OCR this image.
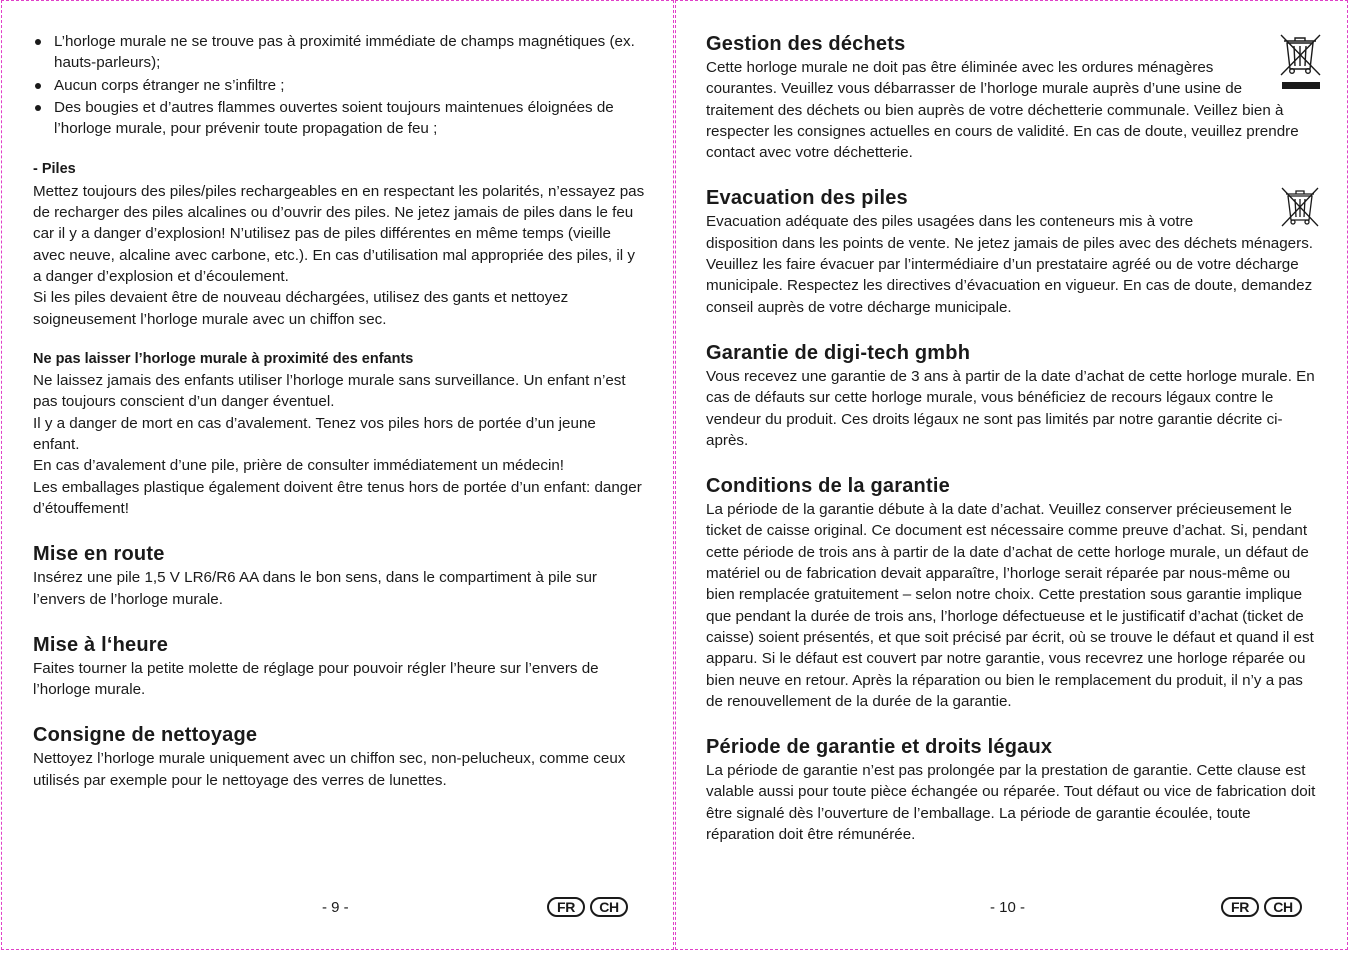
L’horloge murale ne se trouve pas à proximité immédiate de champs magnétiques (ex. hauts-parleurs);
Aucun corps étranger ne s’infiltre ;
Des bougies et d’autres flammes ouvertes soient toujours maintenues éloignées de l’horloge murale, pour prévenir toute propagation de feu ;

- Piles

Mettez toujours des piles/piles rechargeables en en respectant les polarités, n’essayez pas de recharger des piles alcalines ou d’ouvrir des piles. Ne jetez jamais de piles dans le feu car il y a danger d’explosion! N’utilisez pas de piles différentes en même temps (vieille avec neuve, alcaline avec carbone, etc.). En cas d’utilisation mal appropriée des piles, il y a danger d’explosion et d’écoulement.

Si les piles devaient être de nouveau déchargées, utilisez des gants et nettoyez soigneusement l’horloge murale avec un chiffon sec.

Ne pas laisser l’horloge murale à proximité des enfants

Ne laissez jamais des enfants utiliser l’horloge murale sans surveillance. Un enfant n’est pas toujours conscient d’un danger éventuel.

Il y a danger de mort en cas d’avalement. Tenez vos piles hors de portée d’un jeune enfant.

En cas d’avalement d’une pile, prière de consulter immédiatement un médecin!

Les emballages plastique également doivent être tenus hors de portée d’un enfant: danger d’étouffement!

Mise en route

Insérez une pile 1,5 V LR6/R6 AA dans le bon sens, dans le compartiment à pile sur l’envers de l’horloge murale.

Mise à l‘heure

Faites tourner la petite molette de réglage pour pouvoir régler l’heure sur l’envers de l’horloge murale.

Consigne de nettoyage

Nettoyez l’horloge murale uniquement avec un chiffon sec, non-pelucheux, comme ceux utilisés par exemple pour le nettoyage des verres de lunettes.

- 9 -	FR	CH
Gestion des déchets

Cette horloge murale ne doit pas être éliminée avec les ordures ménagères courantes. Veuillez vous débarrasser de l’horloge murale auprès d’une usine de traitement des déchets ou bien auprès de votre déchetterie communale. Veillez bien à respecter les consignes actuelles en cours de validité. En cas de doute, veuillez prendre contact avec votre déchetterie.

Evacuation des piles

Evacuation adéquate des piles usagées dans les conteneurs mis à votre disposition dans les points de vente. Ne jetez jamais de piles avec des déchets ménagers. Veuillez les faire évacuer par l’intermédiaire d’un prestataire agréé ou de votre décharge municipale. Respectez les directives d’évacuation en vigueur. En cas de doute, demandez conseil auprès de votre décharge municipale.

Garantie de digi-tech gmbh

Vous recevez une garantie de 3 ans à partir de la date d’achat de cette horloge murale. En cas de défauts sur cette horloge murale, vous bénéficiez de recours légaux contre le vendeur du produit. Ces droits légaux ne sont pas limités par notre garantie décrite ci-après.

Conditions de la garantie

La période de la garantie débute à la date d’achat. Veuillez conserver précieusement le ticket de caisse original. Ce document est nécessaire comme preuve d’achat. Si, pendant cette période de trois ans à partir de la date d’achat de cette horloge murale, un défaut de matériel ou de fabrication devait apparaître, l’horloge serait réparée par nous-même ou bien remplacée gratuitement – selon notre choix. Cette prestation sous garantie implique que pendant la durée de trois ans, l’horloge défectueuse et le justificatif d’achat (ticket de caisse) soient présentés, et que soit précisé par écrit, où se trouve le défaut et quand il est apparu. Si le défaut est couvert par notre garantie, vous recevrez une horloge réparée ou bien neuve en retour. Après la réparation ou bien le remplacement du produit, il n’y a pas de renouvellement de la durée de la garantie.

Période de garantie et droits légaux

La période de garantie n’est pas prolongée par la prestation de garantie. Cette clause est valable aussi pour toute pièce échangée ou réparée. Tout défaut ou vice de fabrication doit être signalé dès l’ouverture de l’emballage. La période de garantie écoulée, toute réparation doit être rémunérée.

- 10 -	FR	CH
